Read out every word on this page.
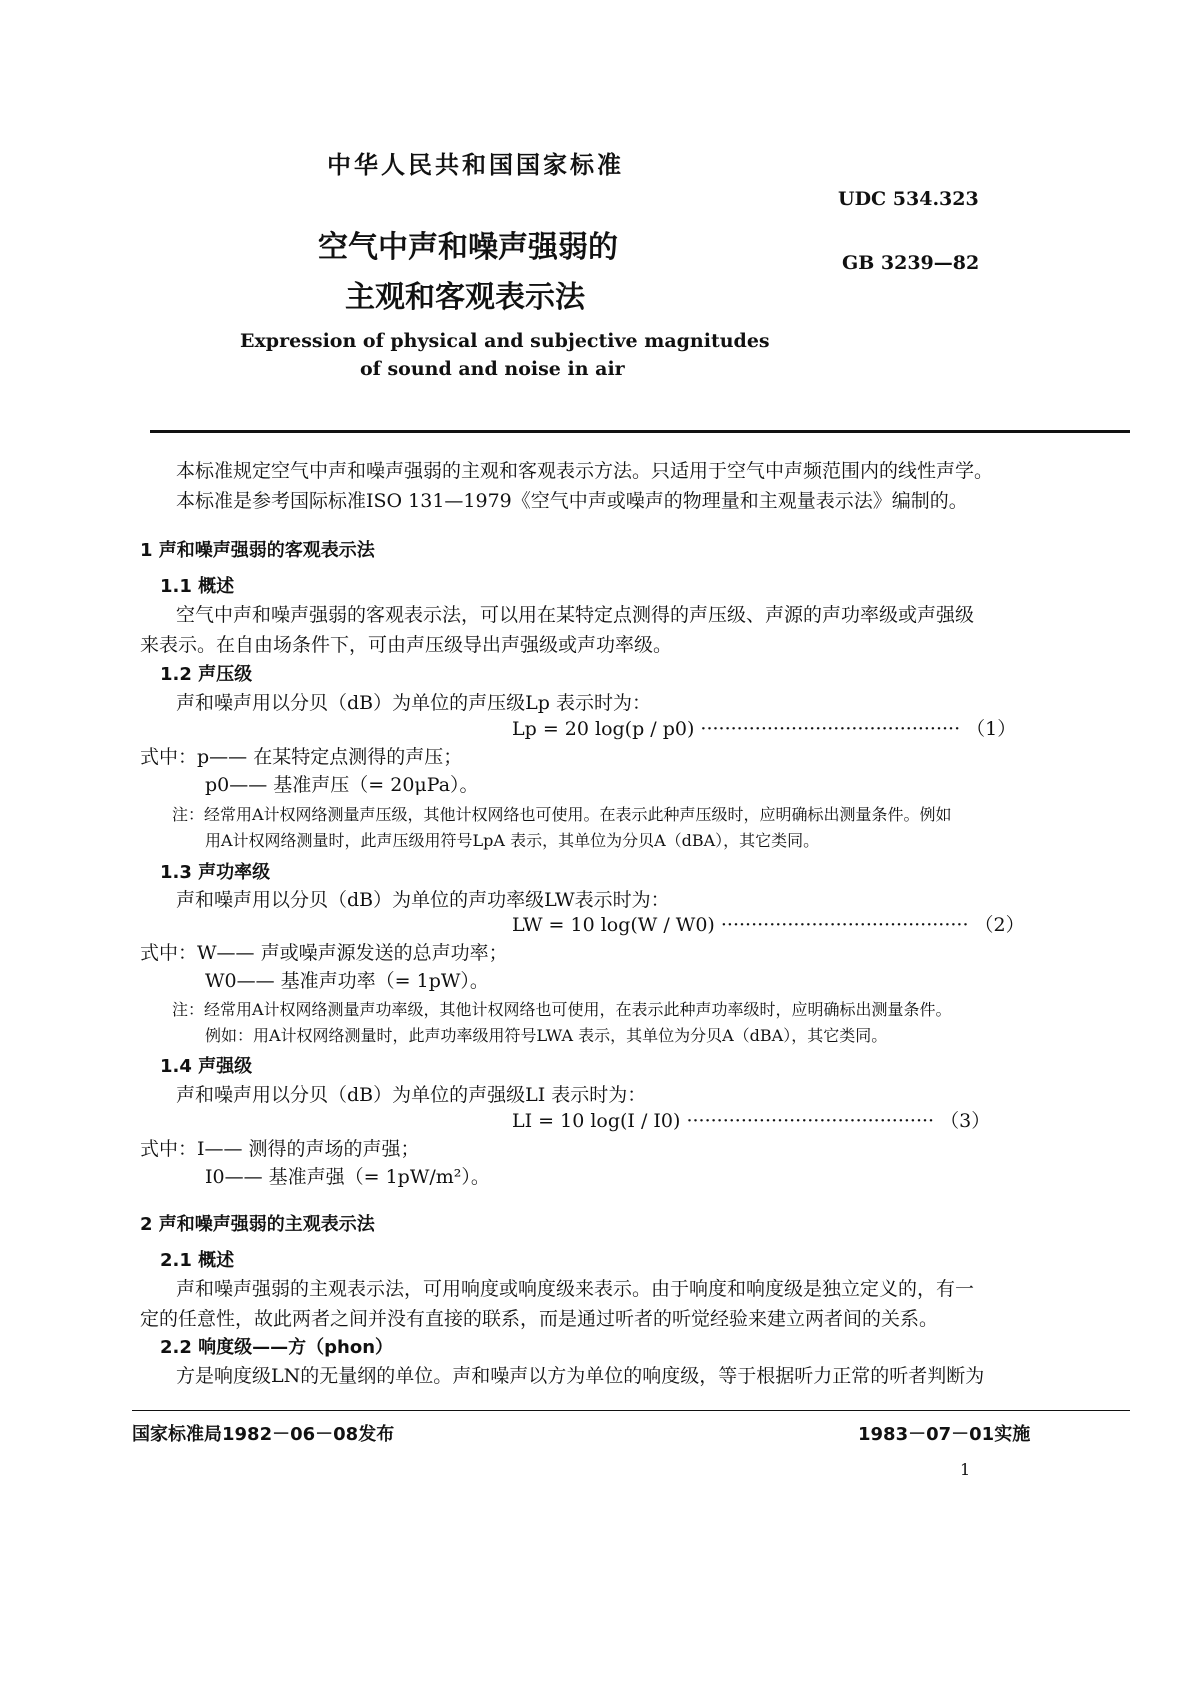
中华人民共和国国家标准
UDC 534.323
空气中声和噪声强弱的	GB 3239—82
主观和客观表示法
Expression of physical and subjective magnitudes
of sound and noise in air
本标准规定空气中声和噪声强弱的主观和客观表示方法。只适用于空气中声频范围内的线性声学。
本标准是参考国际标准ISO 131—1979《空气中声或噪声的物理量和主观量表示法》编制的。
1 声和噪声强弱的客观表示法
1.1 概述
空气中声和噪声强弱的客观表示法，可以用在某特定点测得的声压级、声源的声功率级或声强级
来表示。在自由场条件下，可由声压级导出声强级或声功率级。
1.2 声压级
声和噪声用以分贝（dB）为单位的声压级Lp 表示时为：
Lp = 20 log(p / p0) ··········································· （1）
式中：p—— 在某特定点测得的声压；
p0—— 基准声压（= 20μPa）。
注：经常用A计权网络测量声压级，其他计权网络也可使用。在表示此种声压级时，应明确标出测量条件。例如
用A计权网络测量时，此声压级用符号LpA 表示，其单位为分贝A（dBA），其它类同。
1.3 声功率级
声和噪声用以分贝（dB）为单位的声功率级LW表示时为：
LW = 10 log(W / W0) ········································· （2）
式中：W—— 声或噪声源发送的总声功率；
W0—— 基准声功率（= 1pW）。
注：经常用A计权网络测量声功率级，其他计权网络也可使用，在表示此种声功率级时，应明确标出测量条件。
例如：用A计权网络测量时，此声功率级用符号LWA 表示，其单位为分贝A（dBA），其它类同。
1.4 声强级
声和噪声用以分贝（dB）为单位的声强级LI 表示时为：
LI = 10 log(I / I0) ········································· （3）
式中：I—— 测得的声场的声强；
I0—— 基准声强（= 1pW/m²）。
2 声和噪声强弱的主观表示法
2.1 概述
声和噪声强弱的主观表示法，可用响度或响度级来表示。由于响度和响度级是独立定义的，有一
定的任意性，故此两者之间并没有直接的联系，而是通过听者的听觉经验来建立两者间的关系。
2.2 响度级——方（phon）
方是响度级LN的无量纲的单位。声和噪声以方为单位的响度级，等于根据听力正常的听者判断为
国家标准局1982－06－08发布	1983－07－01实施
1
